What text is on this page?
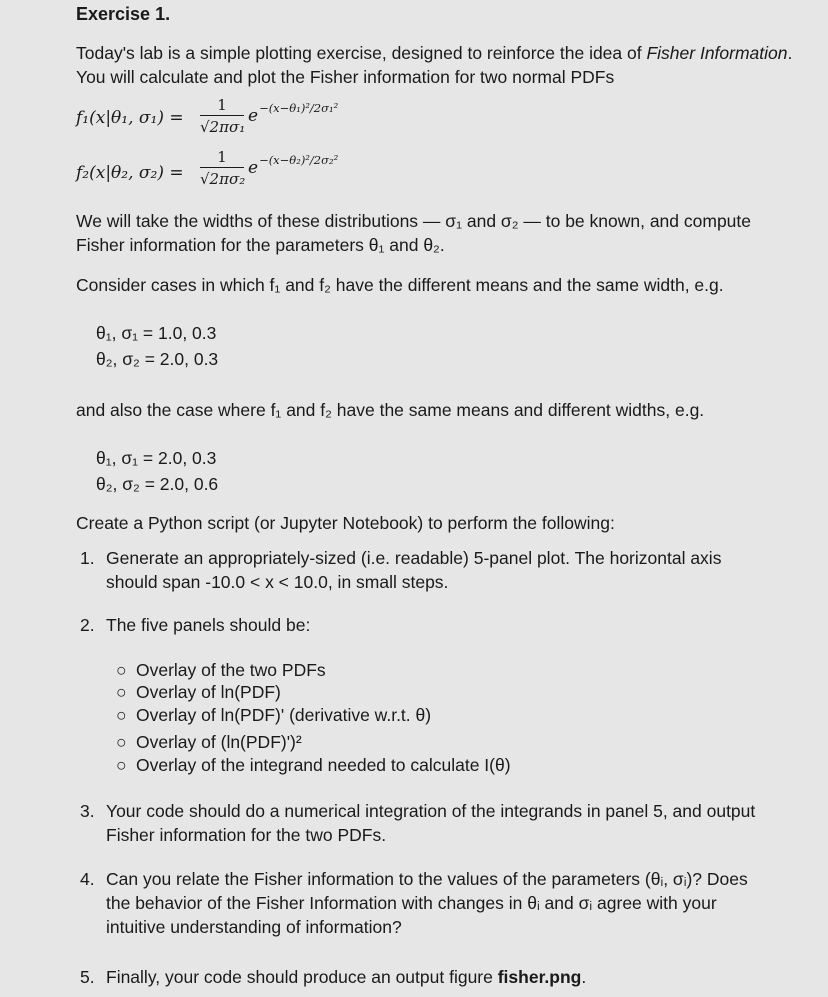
Exercise 1.

Today's lab is a simple plotting exercise, designed to reinforce the idea of Fisher Information. You will calculate and plot the Fisher information for two normal PDFs

f₁(x|θ₁, σ₁) =
1
√2πσ₁
$e^{-(x-\theta_1)^2/2\sigma_1^2}$
f₂(x|θ₂, σ₂) =
1
√2πσ₂
$e^{-(x-\theta_2)^2/2\sigma_2^2}$

We will take the widths of these distributions — σ₁ and σ₂ — to be known, and compute
Fisher information for the parameters θ₁ and θ₂.

Consider cases in which f₁ and f₂ have the different means and the same width, e.g.

θ₁, σ₁ = 1.0, 0.3
θ₂, σ₂ = 2.0, 0.3

and also the case where f₁ and f₂ have the same means and different widths, e.g.

θ₁, σ₁ = 2.0, 0.3
θ₂, σ₂ = 2.0, 0.6

Create a Python script (or Jupyter Notebook) to perform the following:

1. Generate an appropriately-sized (i.e. readable) 5-panel plot. The horizontal axis
should span -10.0 < x < 10.0, in small steps.
2. The five panels should be:
○ Overlay of the two PDFs
○ Overlay of ln(PDF)
○ Overlay of ln(PDF)' (derivative w.r.t. θ)
○ Overlay of (ln(PDF)')²
○ Overlay of the integrand needed to calculate I(θ)
3. Your code should do a numerical integration of the integrands in panel 5, and output
Fisher information for the two PDFs.
4. Can you relate the Fisher information to the values of the parameters (θᵢ, σᵢ)? Does
the behavior of the Fisher Information with changes in θᵢ and σᵢ agree with your
intuitive understanding of information?
5. Finally, your code should produce an output figure fisher.png.
